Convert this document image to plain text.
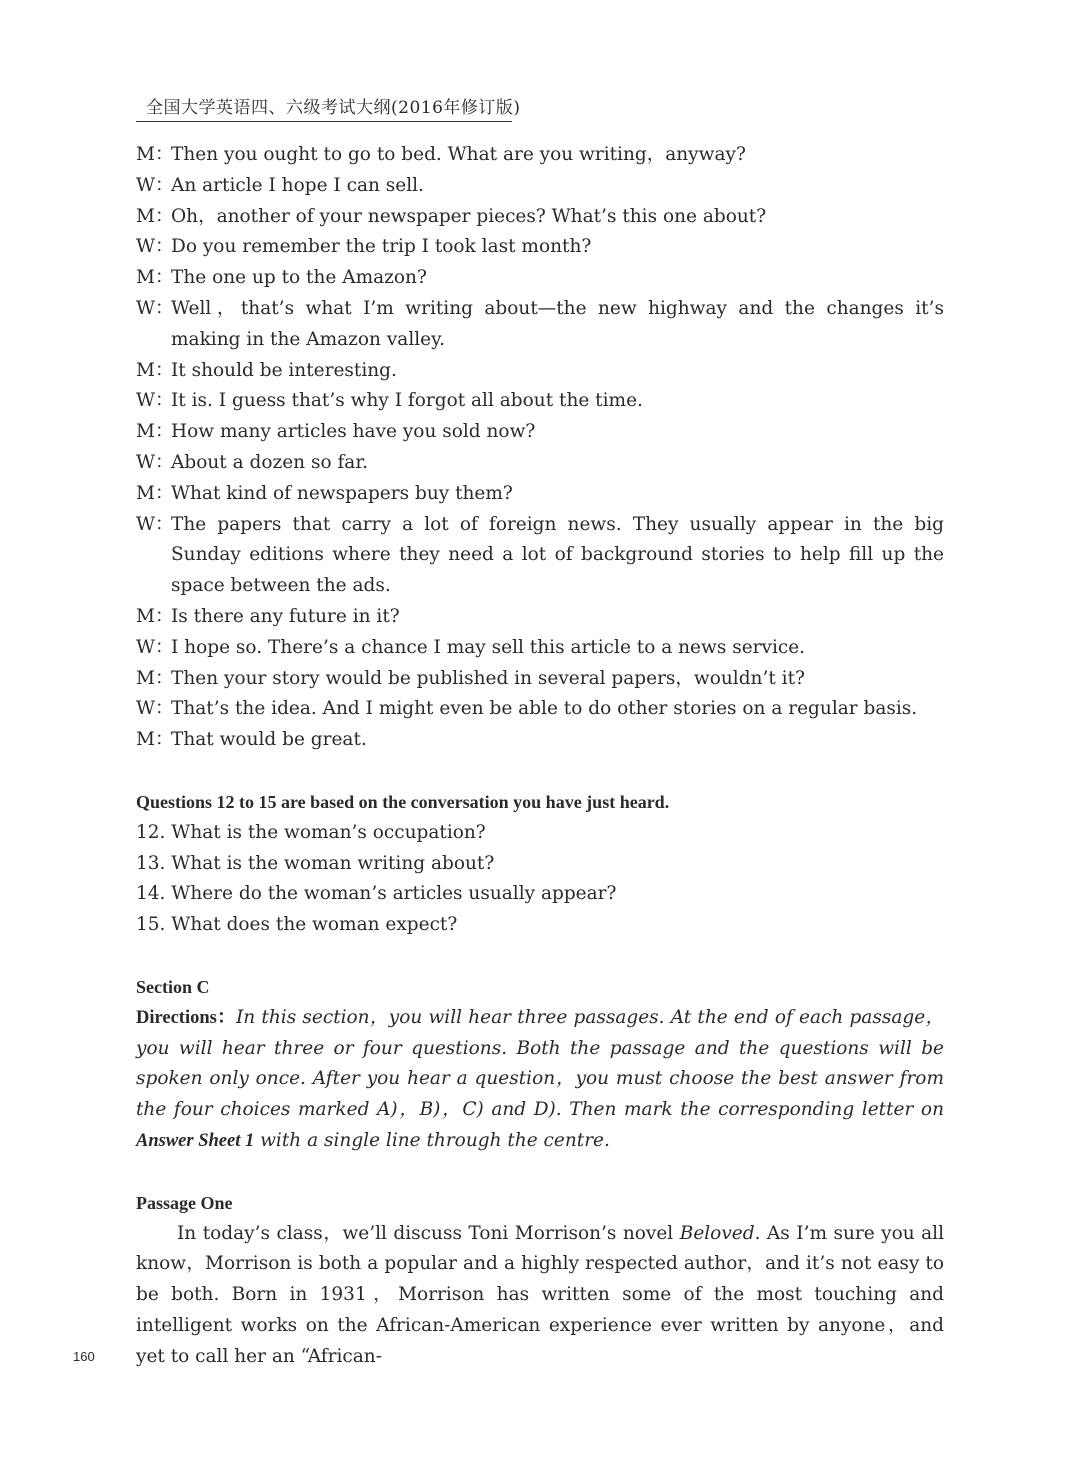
全国大学英语四、六级考试大纲(2016年修订版)
M：
Then you ought to go to bed. What are you writing，anyway?
W：
An article I hope I can sell.
M：
Oh，another of your newspaper pieces? What’s this one about?
W：
Do you remember the trip I took last month?
M：
The one up to the Amazon?
W：
Well，that’s what I’m writing about—the new highway and the changes it’s making in the Amazon valley.
M：
It should be interesting.
W：
It is. I guess that’s why I forgot all about the time.
M：
How many articles have you sold now?
W：
About a dozen so far.
M：
What kind of newspapers buy them?
W：
The papers that carry a lot of foreign news. They usually appear in the big Sunday editions where they need a lot of background stories to help fill up the space between the ads.
M：
Is there any future in it?
W：
I hope so. There’s a chance I may sell this article to a news service.
M：
Then your story would be published in several papers，wouldn’t it?
W：
That’s the idea. And I might even be able to do other stories on a regular basis.
M：
That would be great.
Questions 12 to 15 are based on the conversation you have just heard.
12. What is the woman’s occupation?
13. What is the woman writing about?
14. Where do the woman’s articles usually appear?
15. What does the woman expect?
Section C
Directions：In this section，you will hear three passages. At the end of each passage，you will hear three or four questions. Both the passage and the questions will be spoken only once. After you hear a question，you must choose the best answer from the four choices marked A)，B)，C) and D). Then mark the corresponding letter on Answer Sheet 1 with a single line through the centre.
Passage One
In today’s class，we’ll discuss Toni Morrison’s novel Beloved. As I’m sure you all know，Morrison is both a popular and a highly respected author，and it’s not easy to be both. Born in 1931，Morrison has written some of the most touching and intelligent works on the African-American experience ever written by anyone，and yet to call her an “African-
160
